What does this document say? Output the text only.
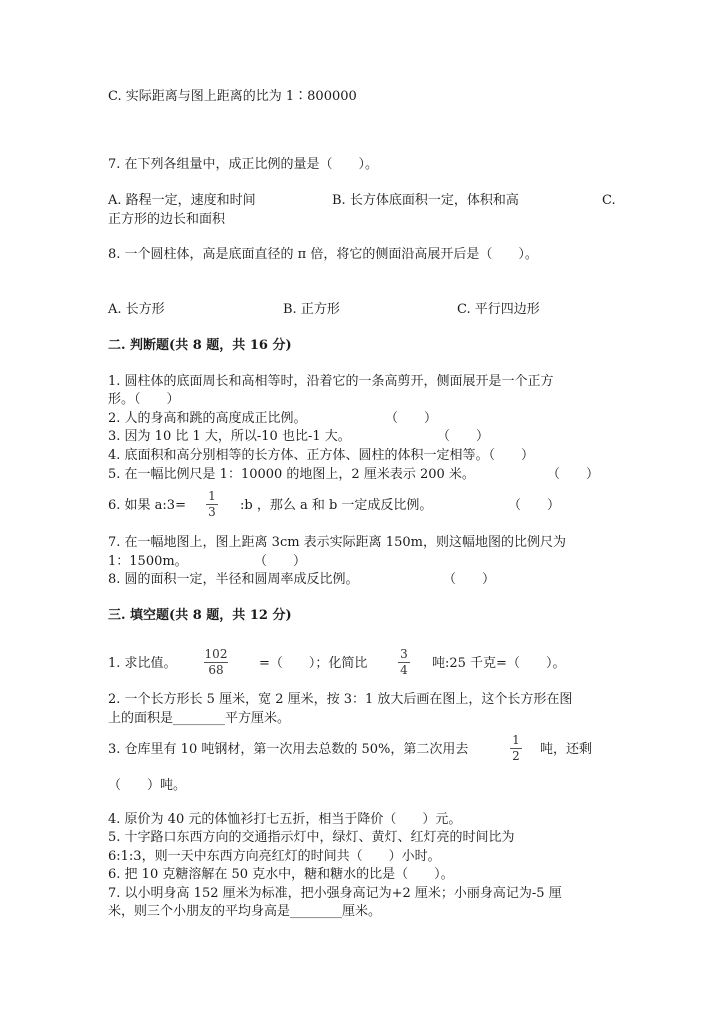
C. 实际距离与图上距离的比为 1∶800000
7. 在下列各组量中，成正比例的量是（　　）。
A. 路程一定，速度和时间	B. 长方体底面积一定，体积和高	C.
正方形的边长和面积
8. 一个圆柱体，高是底面直径的 π 倍，将它的侧面沿高展开后是（　　）。
A. 长方形	B. 正方形	C. 平行四边形
二. 判断题(共 8 题，共 16 分)
1. 圆柱体的底面周长和高相等时，沿着它的一条高剪开，侧面展开是一个正方
形。（　　）
2. 人的身高和跳的高度成正比例。	（　　）
3. 因为 10 比 1 大，所以-10 也比-1 大。	（　　）
4. 底面积和高分别相等的长方体、正方体、圆柱的体积一定相等。（　　）
5. 在一幅比例尺是 1：10000 的地图上，2 厘米表示 200 米。	（　　）
6. 如果 a:3=
1
3 :b ，那么 a 和 b 一定成反比例。	（　　）
7. 在一幅地图上，图上距离 3cm 表示实际距离 150m，则这幅地图的比例尺为
1：1500m。	（　　）
8. 圆的面积一定，半径和圆周率成反比例。	（　　）
三. 填空题(共 8 题，共 12 分)
1. 求比值。
102
68	=（　　）；化简比
3
4 吨:25 千克=（　　）。
2. 一个长方形长 5 厘米，宽 2 厘米，按 3：1 放大后画在图上，这个长方形在图
上的面积是________平方厘米。
3. 仓库里有 10 吨钢材，第一次用去总数的 50%，第二次用去
1
2 吨，还剩
（　　）吨。
4. 原价为 40 元的体恤衫打七五折，相当于降价（　　）元。
5. 十字路口东西方向的交通指示灯中，绿灯、黄灯、红灯亮的时间比为
6:1:3，则一天中东西方向亮红灯的时间共（　　）小时。
6. 把 10 克糖溶解在 50 克水中，糖和糖水的比是（　　）。
7. 以小明身高 152 厘米为标准，把小强身高记为+2 厘米；小丽身高记为-5 厘
米，则三个小朋友的平均身高是________厘米。
